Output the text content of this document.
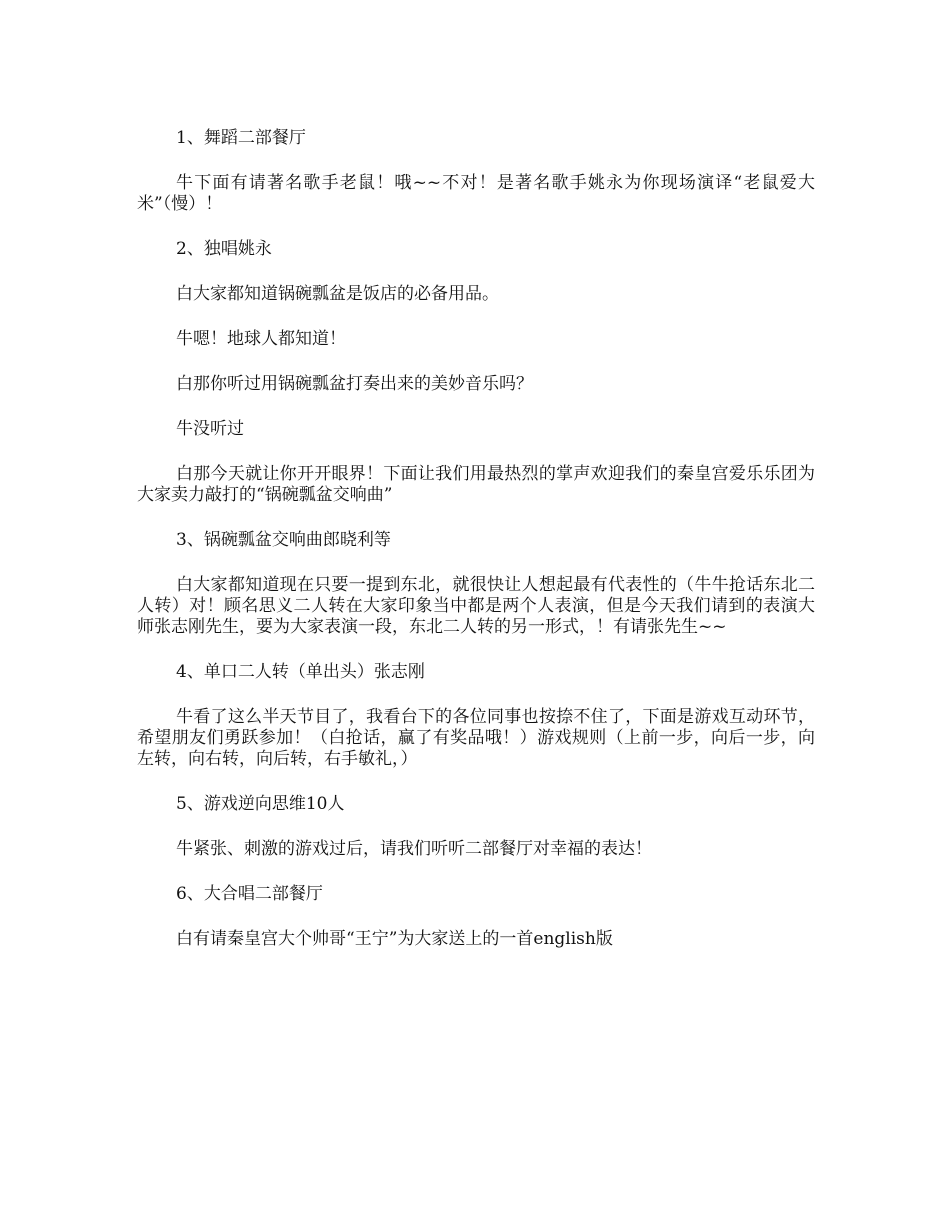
1、舞蹈二部餐厅

牛下面有请著名歌手老鼠！哦~~不对！是著名歌手姚永为你现场演译“老鼠爱大米”（慢）！

2、独唱姚永

白大家都知道锅碗瓢盆是饭店的必备用品。

牛嗯！地球人都知道！

白那你听过用锅碗瓢盆打奏出来的美妙音乐吗？

牛没听过

白那今天就让你开开眼界！下面让我们用最热烈的掌声欢迎我们的秦皇宫爱乐乐团为大家卖力敲打的“锅碗瓢盆交响曲”

3、锅碗瓢盆交响曲郎晓利等

白大家都知道现在只要一提到东北，就很快让人想起最有代表性的（牛牛抢话东北二人转）对！顾名思义二人转在大家印象当中都是两个人表演，但是今天我们请到的表演大师张志刚先生，要为大家表演一段，东北二人转的另一形式，！有请张先生~~

4、单口二人转（单出头）张志刚

牛看了这么半天节目了，我看台下的各位同事也按捺不住了，下面是游戏互动环节，希望朋友们勇跃参加！（白抢话，赢了有奖品哦！）游戏规则（上前一步，向后一步，向左转，向右转，向后转，右手敏礼，）

5、游戏逆向思维10人

牛紧张、刺激的游戏过后，请我们听听二部餐厅对幸福的表达！

6、大合唱二部餐厅

白有请秦皇宫大个帅哥“王宁”为大家送上的一首english版
